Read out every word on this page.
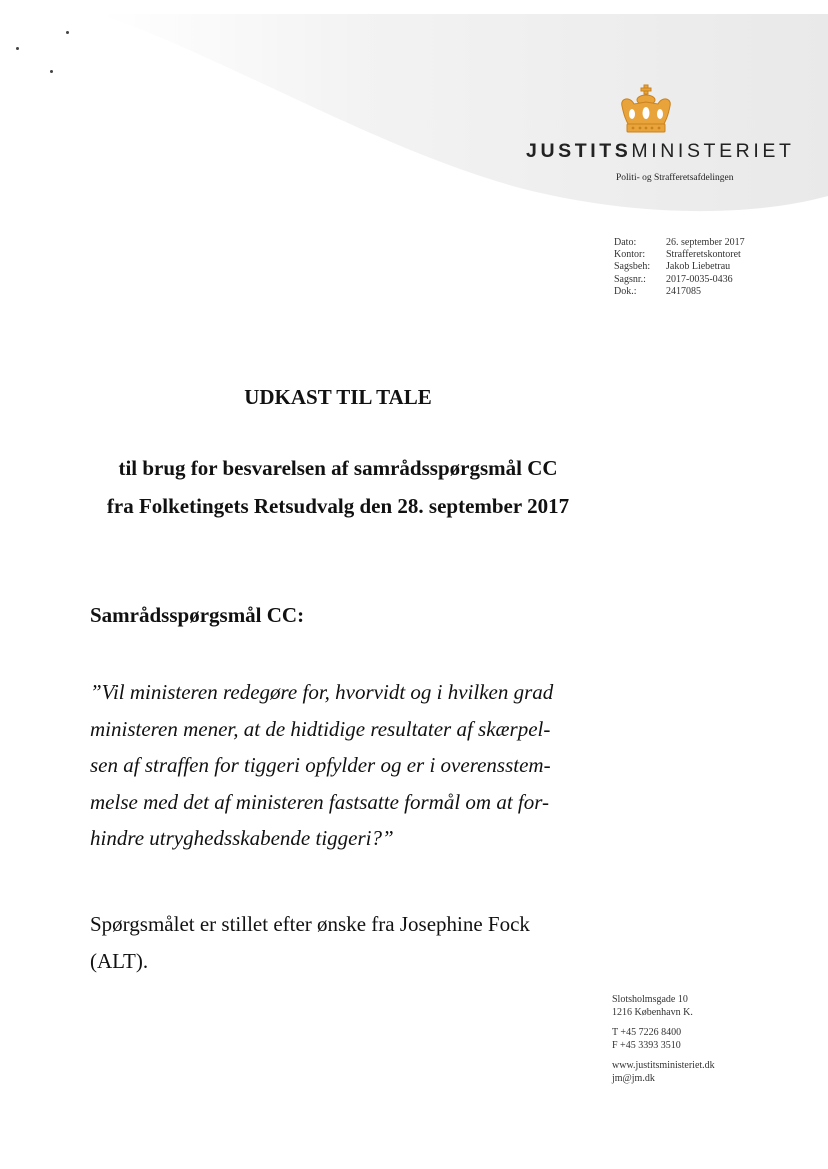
JUSTITSMINISTERIET
Politi- og Strafferetsafdelingen
Dato:	26. september 2017
Kontor:	Strafferetskontoret
Sagsbeh:	Jakob Liebetrau
Sagsnr.:	2017-0035-0436
Dok.:	2417085
UDKAST TIL TALE
til brug for besvarelsen af samrådsspørgsmål CC
fra Folketingets Retsudvalg den 28. september 2017
Samrådsspørgsmål CC:
”Vil ministeren redegøre for, hvorvidt og i hvilken grad
ministeren mener, at de hidtidige resultater af skærpel-
sen af straffen for tiggeri opfylder og er i overensstem-
melse med det af ministeren fastsatte formål om at for-
hindre utryghedsskabende tiggeri?”
Spørgsmålet er stillet efter ønske fra Josephine Fock
(ALT).
Slotsholmsgade 10
1216 København K.
T +45 7226 8400
F +45 3393 3510
www.justitsministeriet.dk
jm@jm.dk
